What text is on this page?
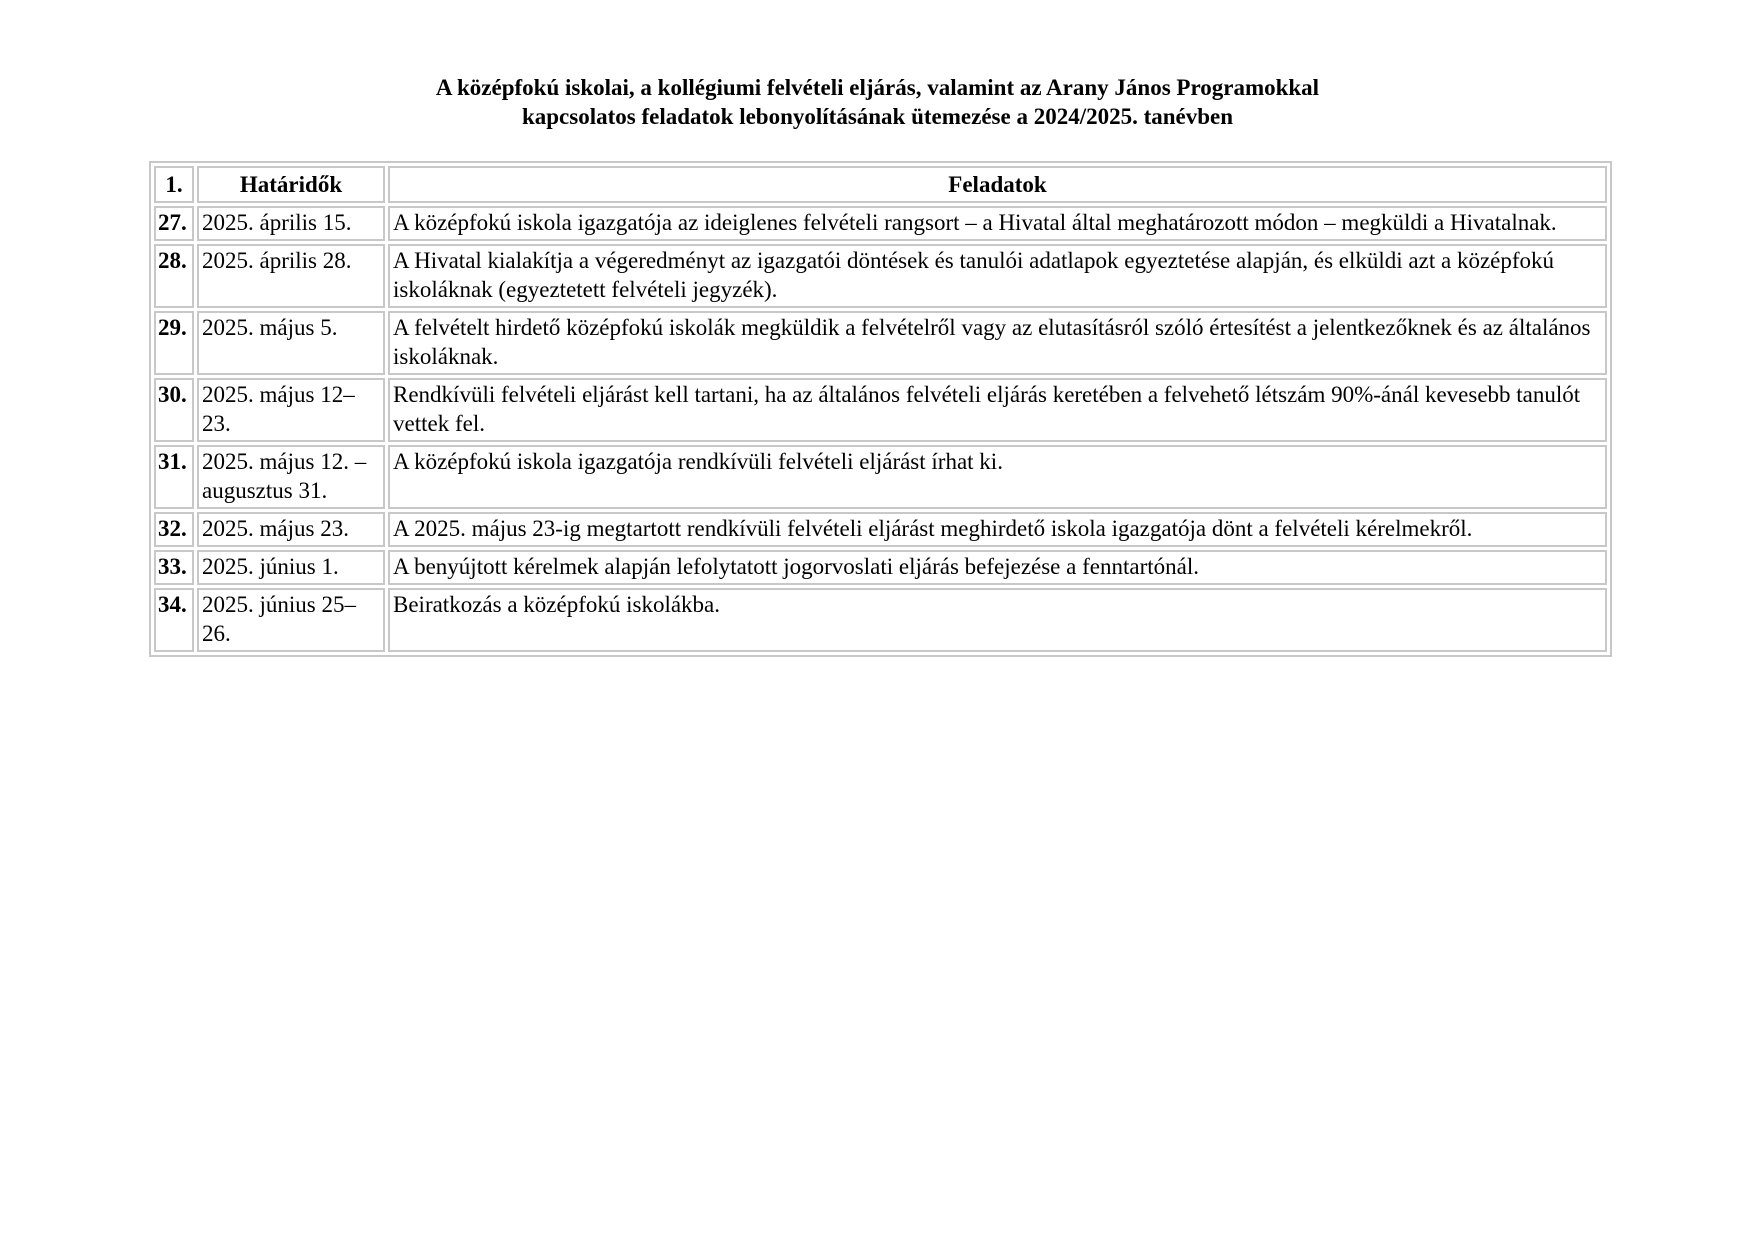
A középfokú iskolai, a kollégiumi felvételi eljárás, valamint az Arany János Programokkal
kapcsolatos feladatok lebonyolításának ütemezése a 2024/2025. tanévben
1.	Határidők	Feladatok
27.	2025. április 15.	A középfokú iskola igazgatója az ideiglenes felvételi rangsort – a Hivatal által meghatározott módon – megküldi a Hivatalnak.
28.	2025. április 28.	A Hivatal kialakítja a végeredményt az igazgatói döntések és tanulói adatlapok egyeztetése alapján, és elküldi azt a középfokú iskoláknak (egyeztetett felvételi jegyzék).
29.	2025. május 5.	A felvételt hirdető középfokú iskolák megküldik a felvételről vagy az elutasításról szóló értesítést a jelentkezőknek és az általános iskoláknak.
30.	2025. május 12–23.	Rendkívüli felvételi eljárást kell tartani, ha az általános felvételi eljárás keretében a felvehető létszám 90%-ánál kevesebb tanulót vettek fel.
31.	2025. május 12. – augusztus 31.	A középfokú iskola igazgatója rendkívüli felvételi eljárást írhat ki.
32.	2025. május 23.	A 2025. május 23-ig megtartott rendkívüli felvételi eljárást meghirdető iskola igazgatója dönt a felvételi kérelmekről.
33.	2025. június 1.	A benyújtott kérelmek alapján lefolytatott jogorvoslati eljárás befejezése a fenntartónál.
34.	2025. június 25–26.	Beiratkozás a középfokú iskolákba.
